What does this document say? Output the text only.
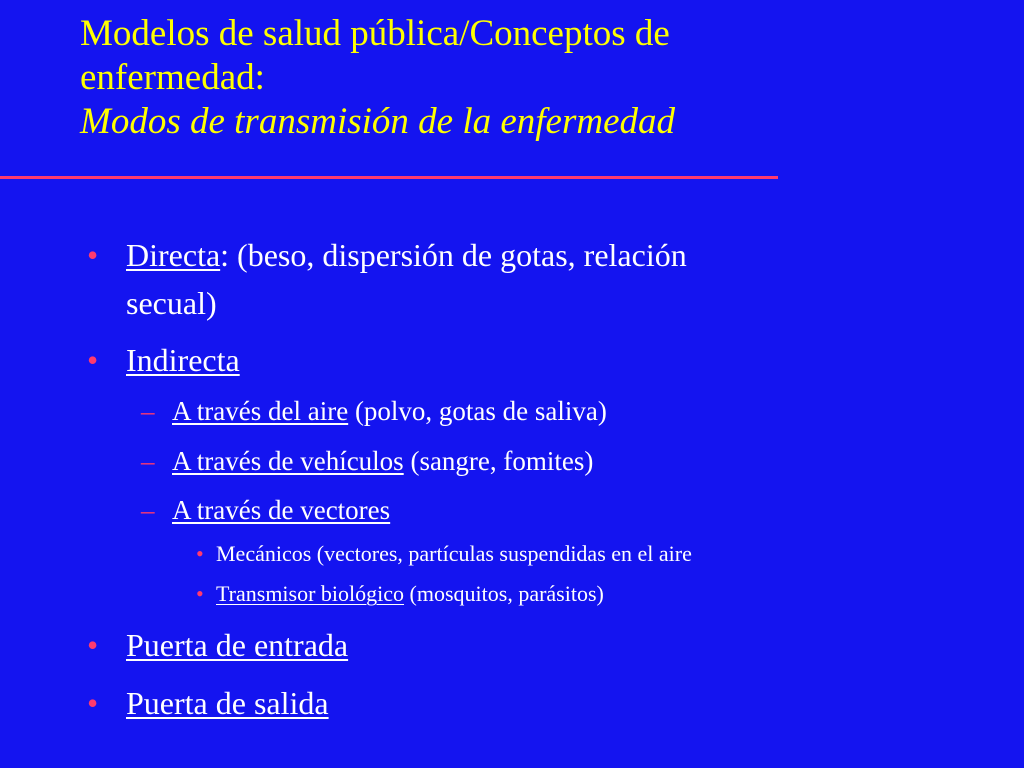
Modelos de salud pública/Conceptos de
enfermedad:
Modos de transmisión de la enfermedad
• Directa: (beso, dispersión de gotas, relación
secual)
• Indirecta
– A través del aire (polvo, gotas de saliva)
– A través de vehículos (sangre, fomites)
– A través de vectores
• Mecánicos (vectores, partículas suspendidas en el aire
• Transmisor biológico (mosquitos, parásitos)
• Puerta de entrada
• Puerta de salida
